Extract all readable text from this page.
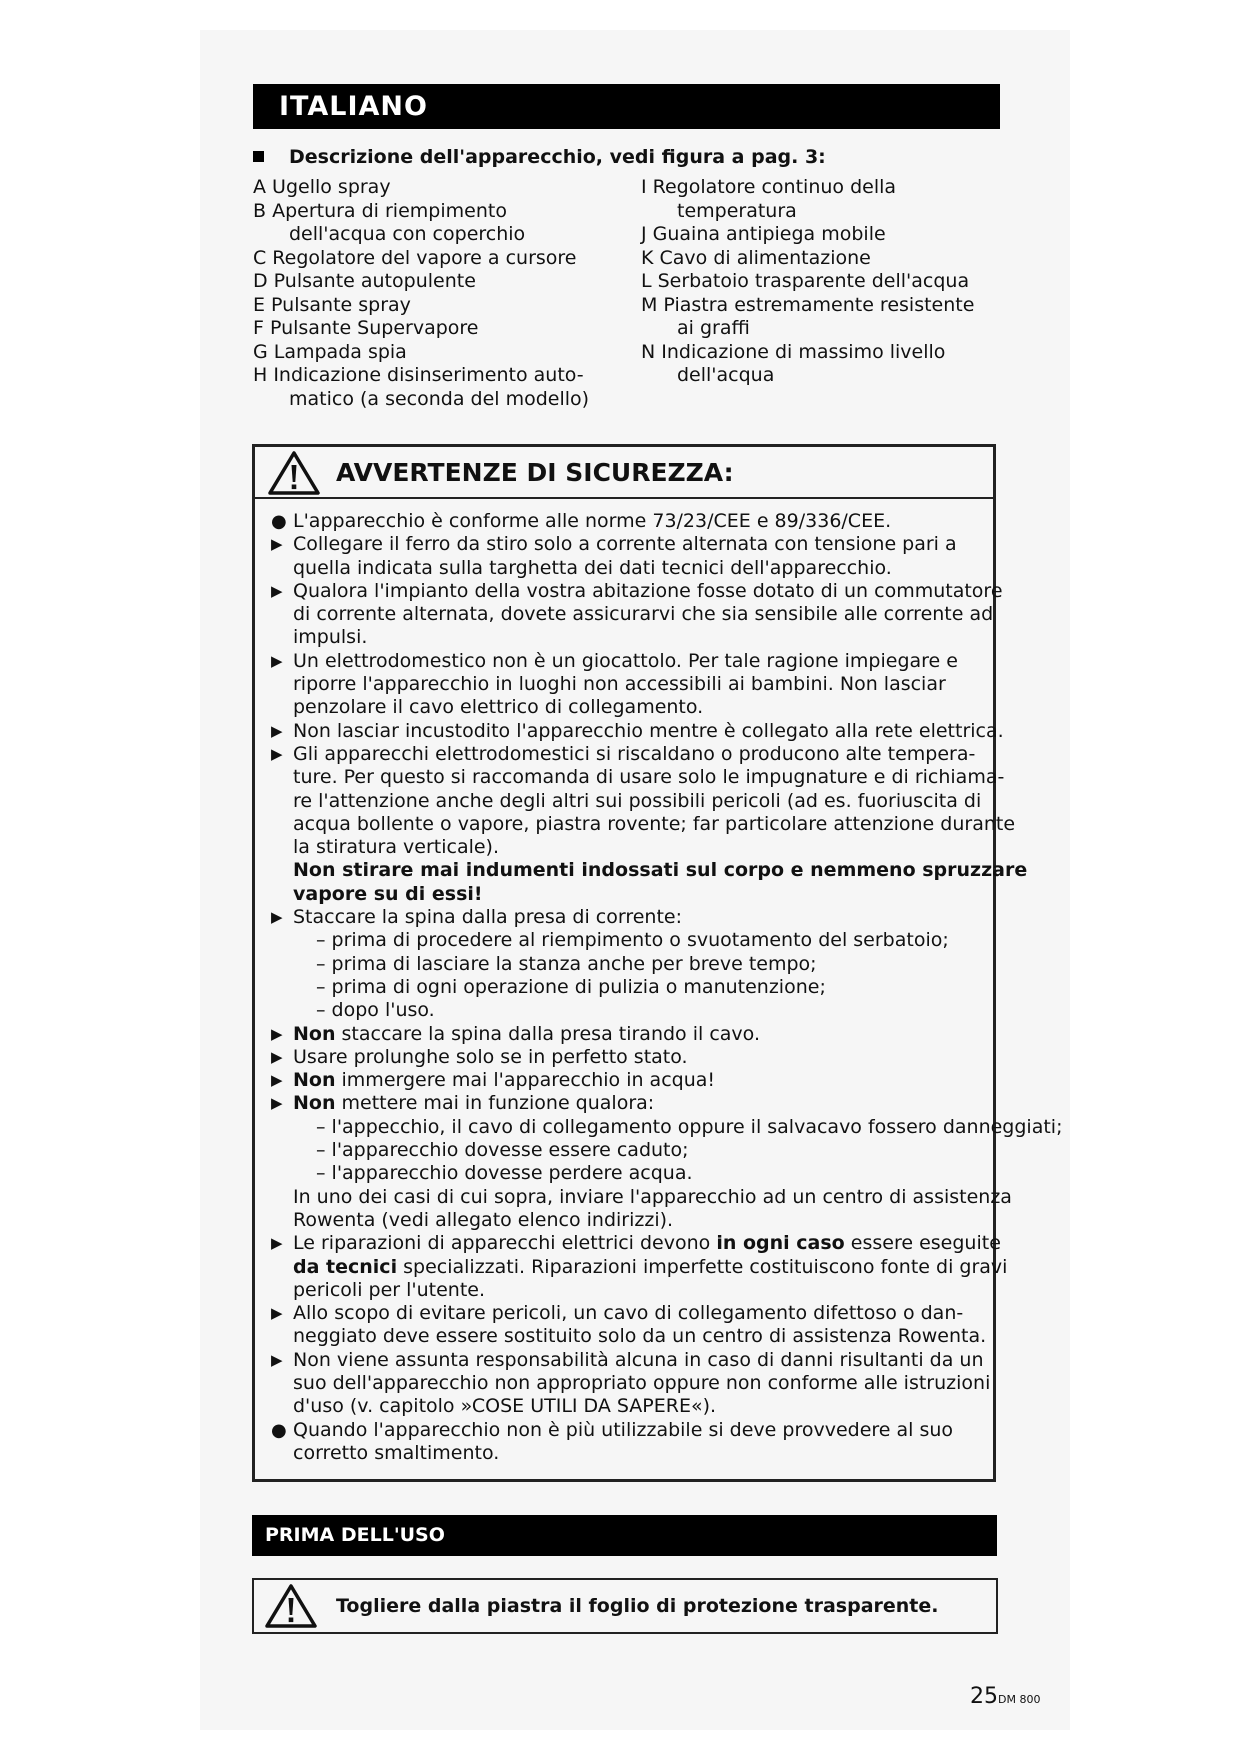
ITALIANO
Descrizione dell'apparecchio, vedi figura a pag. 3:
A Ugello spray
B Apertura di riempimento
dell'acqua con coperchio
C Regolatore del vapore a cursore
D Pulsante autopulente
E Pulsante spray
F Pulsante Supervapore
G Lampada spia
H Indicazione disinserimento auto-
matico (a seconda del modello)
I Regolatore continuo della
temperatura
J Guaina antipiega mobile
K Cavo di alimentazione
L Serbatoio trasparente dell'acqua
M Piastra estremamente resistente
ai graffi
N Indicazione di massimo livello
dell'acqua
AVVERTENZE DI SICUREZZA:
● L'apparecchio è conforme alle norme 73/23/CEE e 89/336/CEE.
▶ Collegare il ferro da stiro solo a corrente alternata con tensione pari a
quella indicata sulla targhetta dei dati tecnici dell'apparecchio.
▶ Qualora l'impianto della vostra abitazione fosse dotato di un commutatore
di corrente alternata, dovete assicurarvi che sia sensibile alle corrente ad
impulsi.
▶ Un elettrodomestico non è un giocattolo. Per tale ragione impiegare e
riporre l'apparecchio in luoghi non accessibili ai bambini. Non lasciar
penzolare il cavo elettrico di collegamento.
▶ Non lasciar incustodito l'apparecchio mentre è collegato alla rete elettrica.
▶ Gli apparecchi elettrodomestici si riscaldano o producono alte tempera-
ture. Per questo si raccomanda di usare solo le impugnature e di richiama-
re l'attenzione anche degli altri sui possibili pericoli (ad es. fuoriuscita di
acqua bollente o vapore, piastra rovente; far particolare attenzione durante
la stiratura verticale).
Non stirare mai indumenti indossati sul corpo e nemmeno spruzzare
vapore su di essi!
▶ Staccare la spina dalla presa di corrente:
– prima di procedere al riempimento o svuotamento del serbatoio;
– prima di lasciare la stanza anche per breve tempo;
– prima di ogni operazione di pulizia o manutenzione;
– dopo l'uso.
▶ Non staccare la spina dalla presa tirando il cavo.
▶ Usare prolunghe solo se in perfetto stato.
▶ Non immergere mai l'apparecchio in acqua!
▶ Non mettere mai in funzione qualora:
– l'appecchio, il cavo di collegamento oppure il salvacavo fossero danneggiati;
– l'apparecchio dovesse essere caduto;
– l'apparecchio dovesse perdere acqua.
In uno dei casi di cui sopra, inviare l'apparecchio ad un centro di assistenza
Rowenta (vedi allegato elenco indirizzi).
▶ Le riparazioni di apparecchi elettrici devono in ogni caso essere eseguite
da tecnici specializzati. Riparazioni imperfette costituiscono fonte di gravi
pericoli per l'utente.
▶ Allo scopo di evitare pericoli, un cavo di collegamento difettoso o dan-
neggiato deve essere sostituito solo da un centro di assistenza Rowenta.
▶ Non viene assunta responsabilità alcuna in caso di danni risultanti da un
suo dell'apparecchio non appropriato oppure non conforme alle istruzioni
d'uso (v. capitolo »COSE UTILI DA SAPERE«).
● Quando l'apparecchio non è più utilizzabile si deve provvedere al suo
corretto smaltimento.
PRIMA DELL'USO
Togliere dalla piastra il foglio di protezione trasparente.
25DM 800
